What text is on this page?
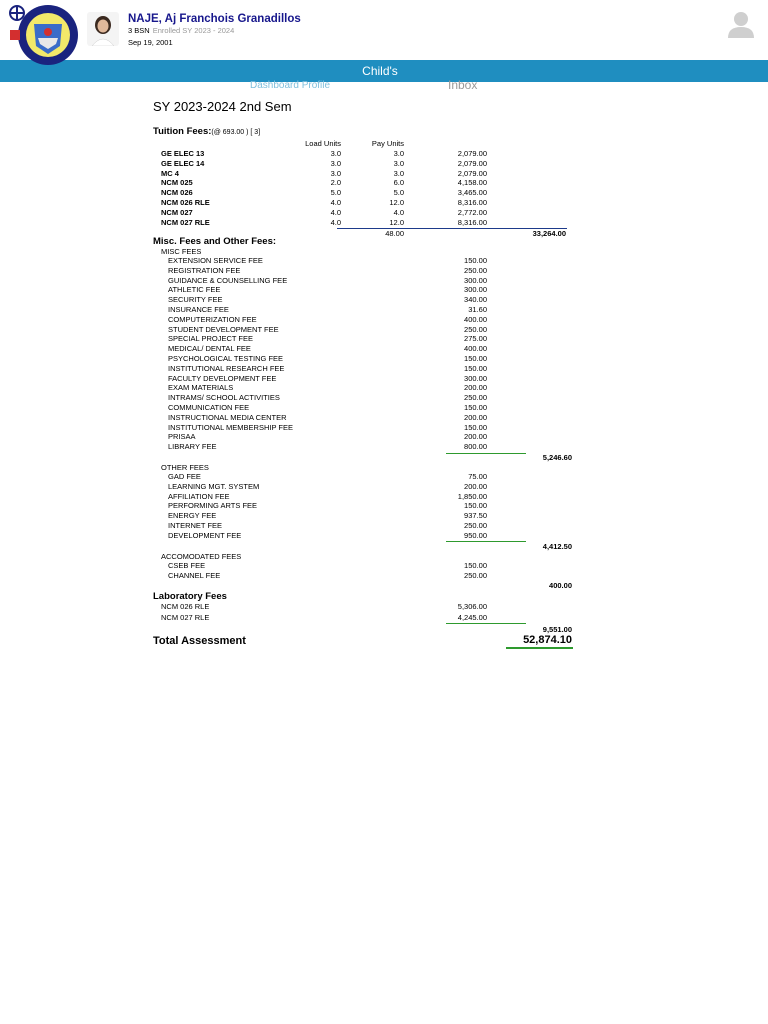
NAJE, Aj Franchois Granadillos
3 BSN Enrolled SY 2023 - 2024
Sep 19, 2001
Child's
Dashboard Profile	Inbox
SY 2023-2024 2nd Sem
Tuition Fees:(@ 693.00 ) [ 3]
Load Units	Pay Units
GE ELEC 13	3.0	3.0	2,079.00
GE ELEC 14	3.0	3.0	2,079.00
MC 4	3.0	3.0	2,079.00
NCM 025	2.0	6.0	4,158.00
NCM 026	5.0	5.0	3,465.00
NCM 026 RLE	4.0	12.0	8,316.00
NCM 027	4.0	4.0	2,772.00
NCM 027 RLE	4.0	12.0	8,316.00
48.00	33,264.00
Misc. Fees and Other Fees:
MISC FEES
EXTENSION SERVICE FEE	150.00
REGISTRATION FEE	250.00
GUIDANCE & COUNSELLING FEE	300.00
ATHLETIC FEE	300.00
SECURITY FEE	340.00
INSURANCE FEE	31.60
COMPUTERIZATION FEE	400.00
STUDENT DEVELOPMENT FEE	250.00
SPECIAL PROJECT FEE	275.00
MEDICAL/ DENTAL FEE	400.00
PSYCHOLOGICAL TESTING FEE	150.00
INSTITUTIONAL RESEARCH FEE	150.00
FACULTY DEVELOPMENT FEE	300.00
EXAM MATERIALS	200.00
INTRAMS/ SCHOOL ACTIVITIES	250.00
COMMUNICATION FEE	150.00
INSTRUCTIONAL MEDIA CENTER	200.00
INSTITUTIONAL MEMBERSHIP FEE	150.00
PRISAA	200.00
LIBRARY FEE	800.00
5,246.60
OTHER FEES
GAD FEE	75.00
LEARNING MGT. SYSTEM	200.00
AFFILIATION FEE	1,850.00
PERFORMING ARTS FEE	150.00
ENERGY FEE	937.50
INTERNET FEE	250.00
DEVELOPMENT FEE	950.00
4,412.50
ACCOMODATED FEES
CSEB FEE	150.00
CHANNEL FEE	250.00
400.00
Laboratory Fees
NCM 026 RLE	5,306.00
NCM 027 RLE	4,245.00
9,551.00
Total Assessment	52,874.10
